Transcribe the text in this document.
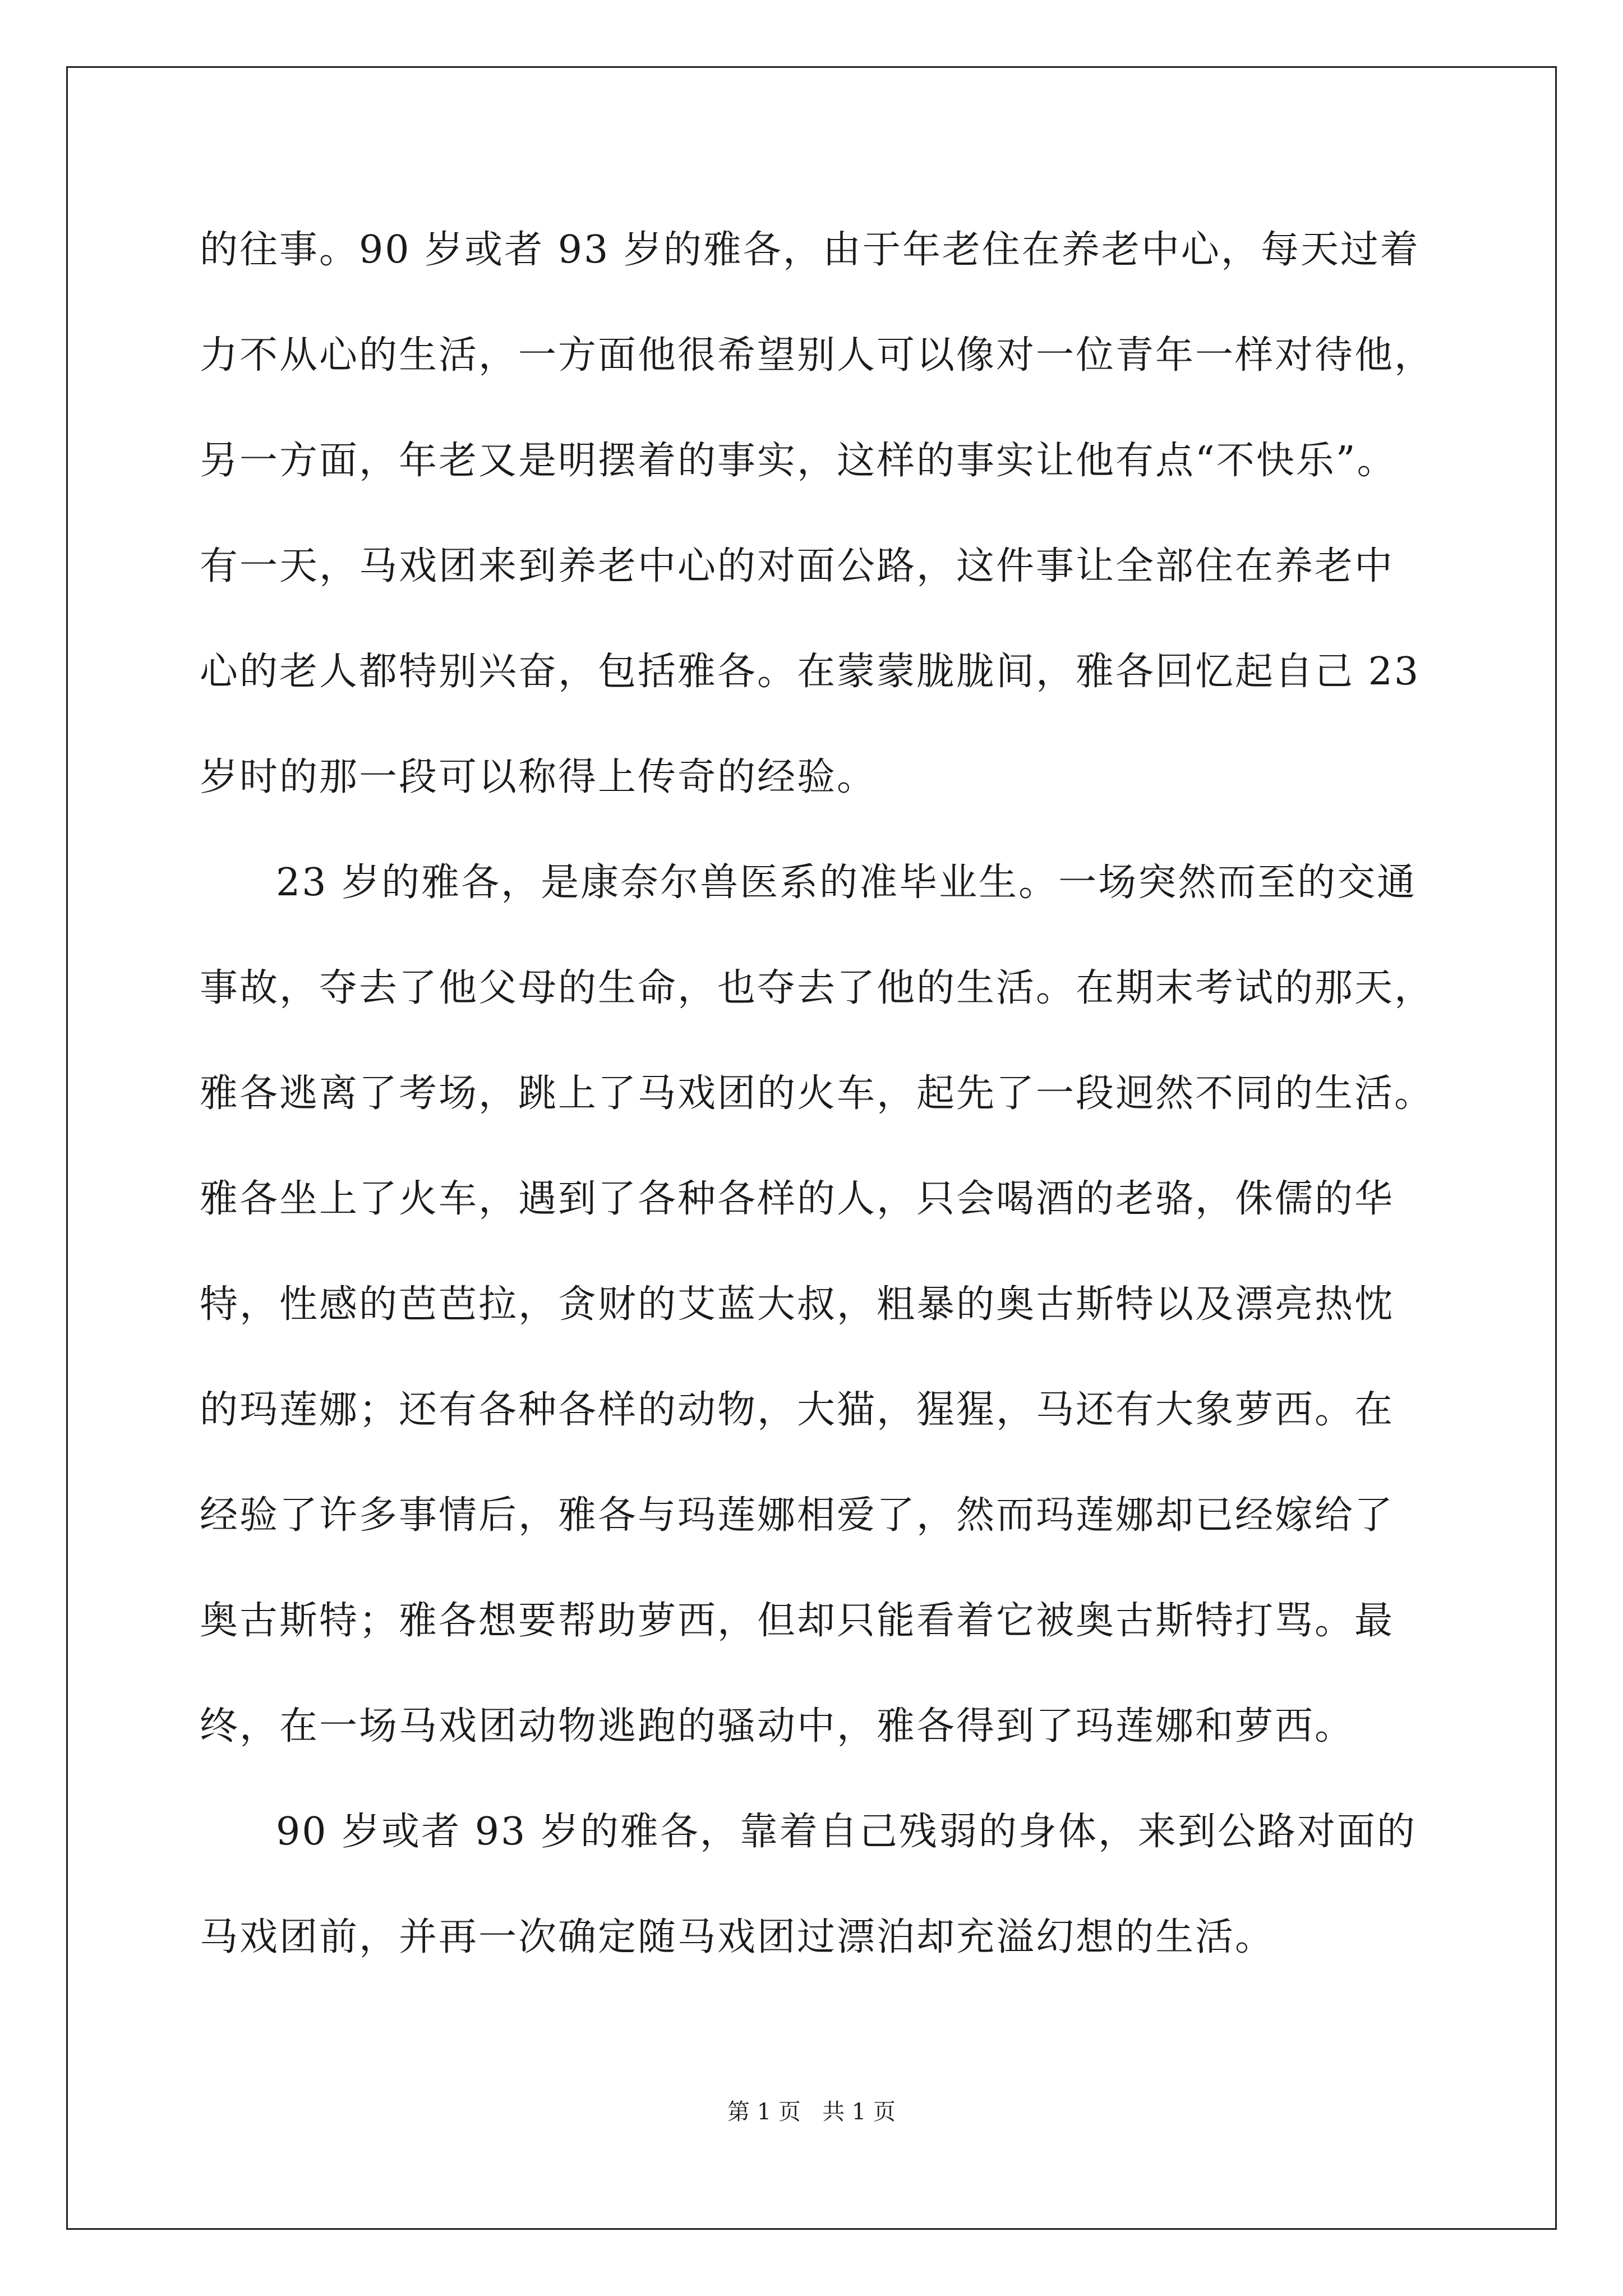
的往事。90 岁或者 93 岁的雅各，由于年老住在养老中心，每天过着
力不从心的生活，一方面他很希望别人可以像对一位青年一样对待他，
另一方面，年老又是明摆着的事实，这样的事实让他有点“不快乐”。
有一天，马戏团来到养老中心的对面公路，这件事让全部住在养老中
心的老人都特别兴奋，包括雅各。在蒙蒙胧胧间，雅各回忆起自己 23
岁时的那一段可以称得上传奇的经验。
23 岁的雅各，是康奈尔兽医系的准毕业生。一场突然而至的交通
事故，夺去了他父母的生命，也夺去了他的生活。在期末考试的那天，
雅各逃离了考场，跳上了马戏团的火车，起先了一段迥然不同的生活。
雅各坐上了火车，遇到了各种各样的人，只会喝酒的老骆，侏儒的华
特，性感的芭芭拉，贪财的艾蓝大叔，粗暴的奥古斯特以及漂亮热忱
的玛莲娜；还有各种各样的动物，大猫，猩猩，马还有大象萝西。在
经验了许多事情后，雅各与玛莲娜相爱了，然而玛莲娜却已经嫁给了
奥古斯特；雅各想要帮助萝西，但却只能看着它被奥古斯特打骂。最
终，在一场马戏团动物逃跑的骚动中，雅各得到了玛莲娜和萝西。
90 岁或者 93 岁的雅各，靠着自己残弱的身体，来到公路对面的
马戏团前，并再一次确定随马戏团过漂泊却充溢幻想的生活。
第 1 页   共 1 页
